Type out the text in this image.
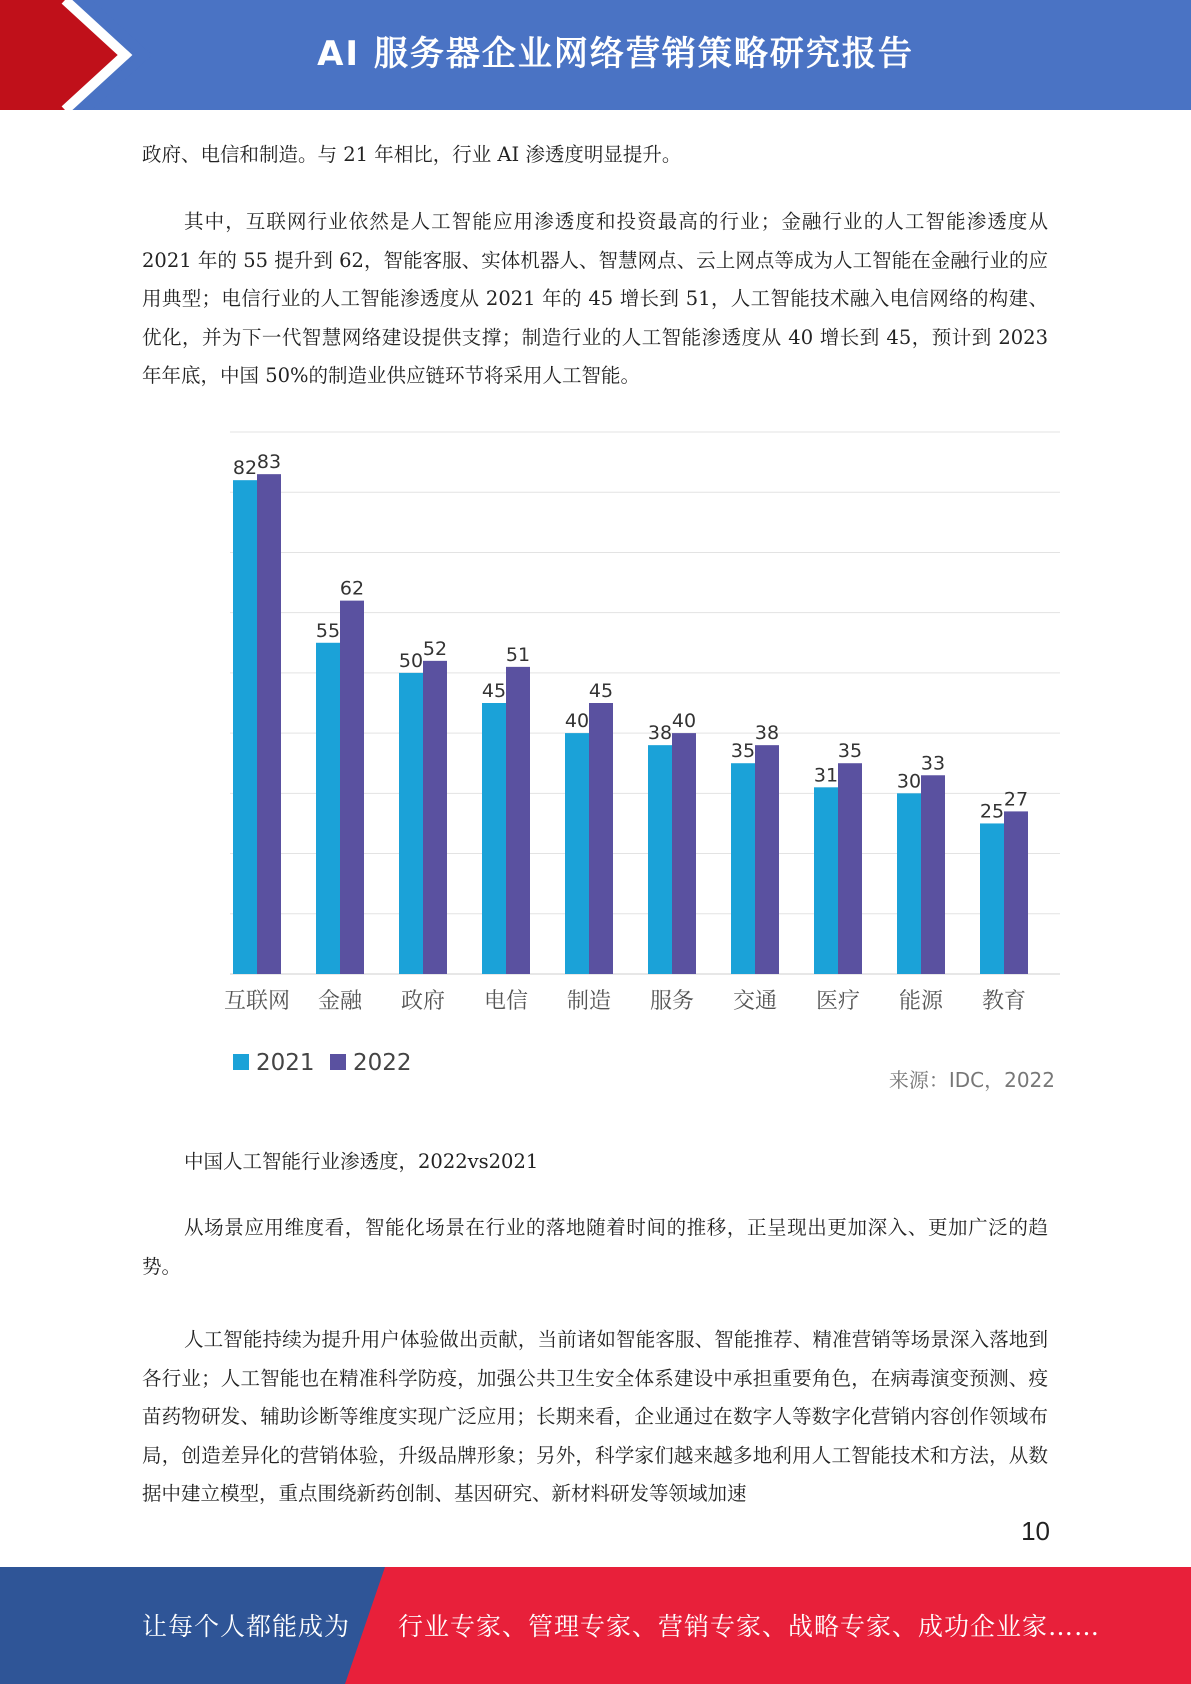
AI 服务器企业网络营销策略研究报告

政府、电信和制造。与 21 年相比，行业 AI 渗透度明显提升。

其中，互联网行业依然是人工智能应用渗透度和投资最高的行业；金融行业的人工智能渗透度从 2021 年的 55 提升到 62，智能客服、实体机器人、智慧网点、云上网点等成为人工智能在金融行业的应用典型；电信行业的人工智能渗透度从 2021 年的 45 增长到 51，人工智能技术融入电信网络的构建、优化，并为下一代智慧网络建设提供支撑；制造行业的人工智能渗透度从 40 增长到 45，预计到 2023 年年底，中国 50%的制造业供应链环节将采用人工智能。

82 83
55
62
50
52
45
51
40
45
38
40
35
38
31
35
30
33
25
27
互联网 金融 政府 电信 制造 服务 交通 医疗 能源 教育
2021 2022
来源：IDC，2022

中国人工智能行业渗透度，2022vs2021

从场景应用维度看，智能化场景在行业的落地随着时间的推移，正呈现出更加深入、更加广泛的趋势。

人工智能持续为提升用户体验做出贡献，当前诸如智能客服、智能推荐、精准营销等场景深入落地到各行业；人工智能也在精准科学防疫，加强公共卫生安全体系建设中承担重要角色，在病毒演变预测、疫苗药物研发、辅助诊断等维度实现广泛应用；长期来看，企业通过在数字人等数字化营销内容创作领域布局，创造差异化的营销体验，升级品牌形象；另外，科学家们越来越多地利用人工智能技术和方法，从数据中建立模型，重点围绕新药创制、基因研究、新材料研发等领域加速

10
让每个人都能成为 行业专家、管理专家、营销专家、战略专家、成功企业家……
